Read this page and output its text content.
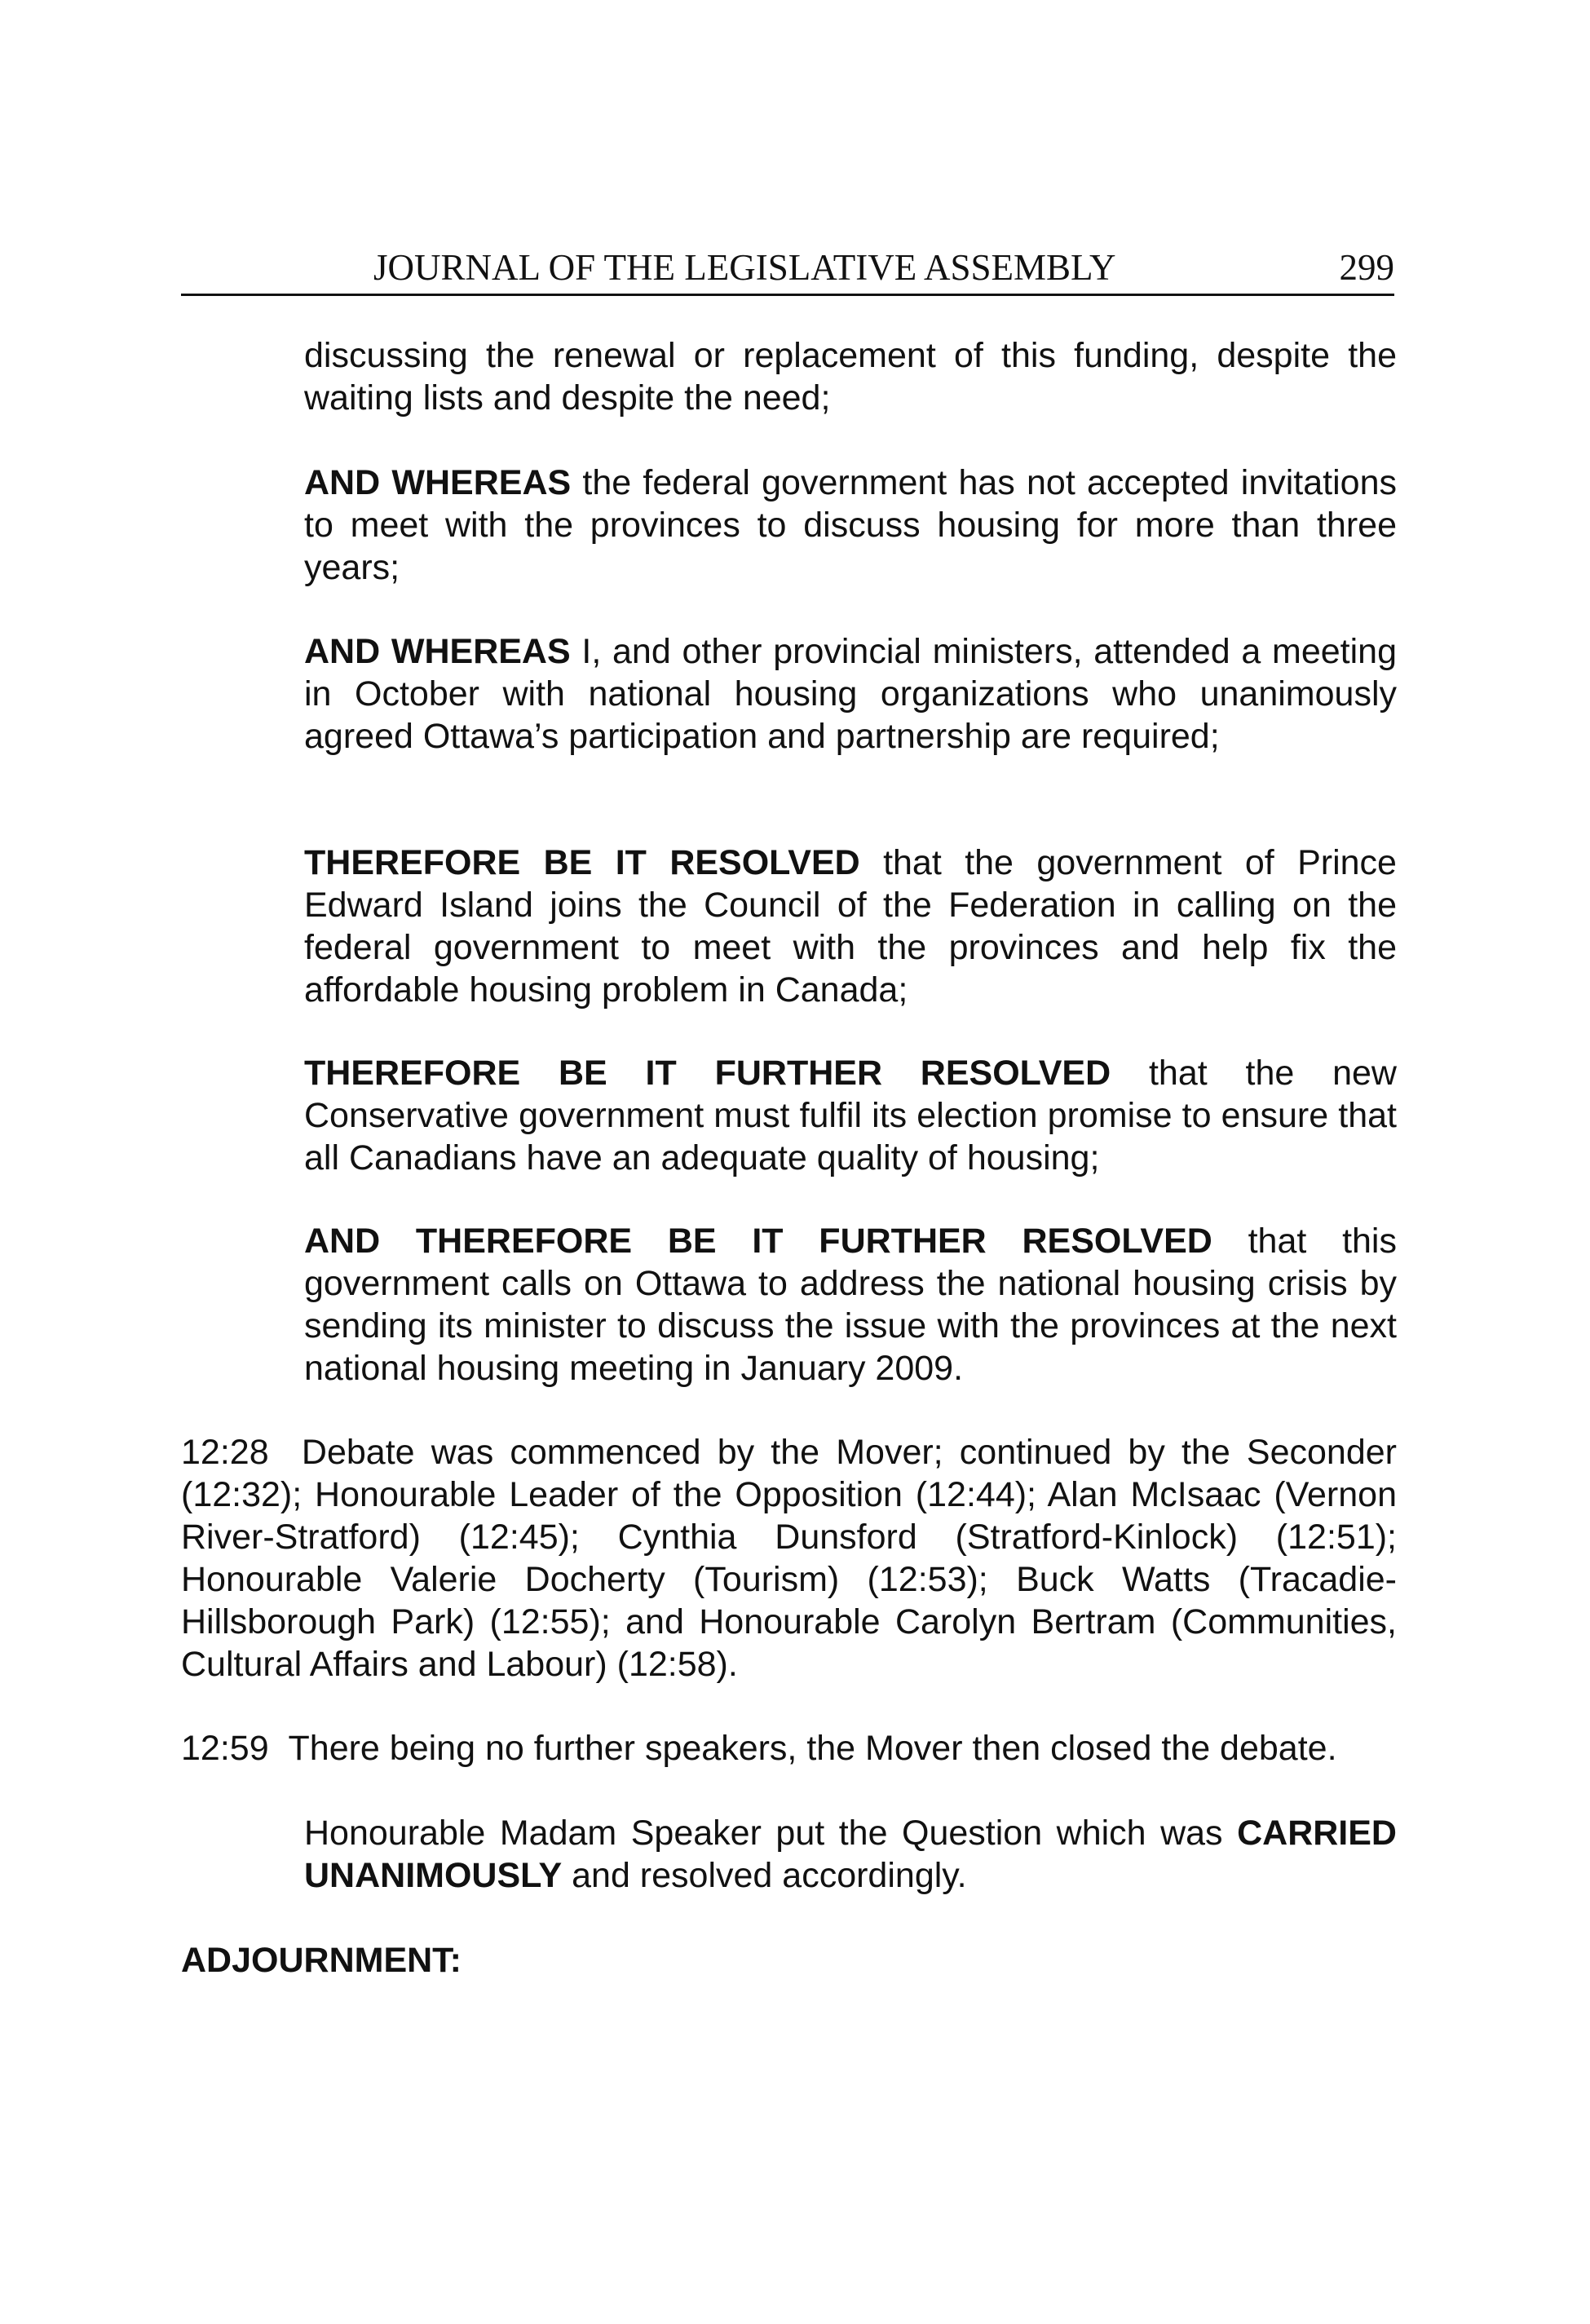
JOURNAL OF THE LEGISLATIVE ASSEMBLY	299
discussing the renewal or replacement of this funding, despite the waiting lists and despite the need;
AND WHEREAS the federal government has not accepted invitations to meet with the provinces to discuss housing for more than three years;
AND WHEREAS I, and other provincial ministers, attended a meeting in October with national housing organizations who unanimously agreed Ottawa’s participation and partnership are required;
THEREFORE BE IT RESOLVED that the government of Prince Edward Island joins the Council of the Federation in calling on the federal government to meet with the provinces and help fix the affordable housing problem in Canada;
THEREFORE BE IT FURTHER RESOLVED that the new Conservative government must fulfil its election promise to ensure that all Canadians have an adequate quality of housing;
AND THEREFORE BE IT FURTHER RESOLVED that this government calls on Ottawa to address the national housing crisis by sending its minister to discuss the issue with the provinces at the next national housing meeting in January 2009.
12:28 Debate was commenced by the Mover; continued by the Seconder (12:32); Honourable Leader of the Opposition (12:44); Alan McIsaac (Vernon River-Stratford) (12:45); Cynthia Dunsford (Stratford-Kinlock) (12:51); Honourable Valerie Docherty (Tourism) (12:53); Buck Watts (Tracadie-Hillsborough Park) (12:55); and Honourable Carolyn Bertram (Communities, Cultural Affairs and Labour) (12:58).
12:59 There being no further speakers, the Mover then closed the debate.
Honourable Madam Speaker put the Question which was CARRIED UNANIMOUSLY and resolved accordingly.
ADJOURNMENT:
